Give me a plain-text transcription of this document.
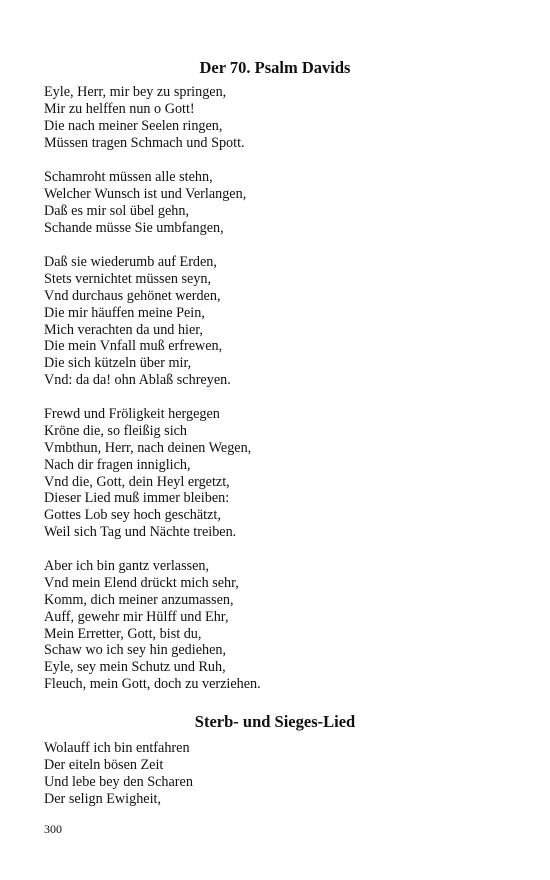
Der 70. Psalm Davids
Eyle, Herr, mir bey zu springen,
Mir zu helffen nun o Gott!
Die nach meiner Seelen ringen,
Müssen tragen Schmach und Spott.
Schamroht müssen alle stehn,
Welcher Wunsch ist und Verlangen,
Daß es mir sol übel gehn,
Schande müsse Sie umbfangen,
Daß sie wiederumb auf Erden,
Stets vernichtet müssen seyn,
Vnd durchaus gehönet werden,
Die mir häuffen meine Pein,
Mich verachten da und hier,
Die mein Vnfall muß erfrewen,
Die sich kützeln über mir,
Vnd: da da! ohn Ablaß schreyen.
Frewd und Fröligkeit hergegen
Kröne die, so fleißig sich
Vmbthun, Herr, nach deinen Wegen,
Nach dir fragen inniglich,
Vnd die, Gott, dein Heyl ergetzt,
Dieser Lied muß immer bleiben:
Gottes Lob sey hoch geschätzt,
Weil sich Tag und Nächte treiben.
Aber ich bin gantz verlassen,
Vnd mein Elend drückt mich sehr,
Komm, dich meiner anzumassen,
Auff, gewehr mir Hülff und Ehr,
Mein Erretter, Gott, bist du,
Schaw wo ich sey hin gediehen,
Eyle, sey mein Schutz und Ruh,
Fleuch, mein Gott, doch zu verziehen.
Sterb- und Sieges-Lied
Wolauff ich bin entfahren
Der eiteln bösen Zeit
Und lebe bey den Scharen
Der selign Ewigheit,
300
